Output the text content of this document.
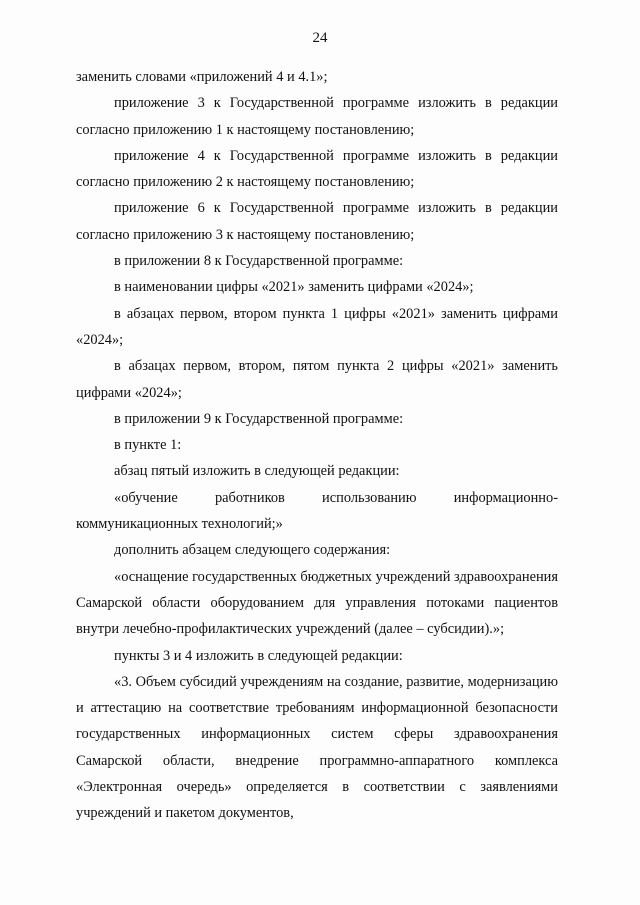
24

заменить словами «приложений 4 и 4.1»;

приложение 3 к Государственной программе изложить в редакции согласно приложению 1 к настоящему постановлению;

приложение 4 к Государственной программе изложить в редакции согласно приложению 2 к настоящему постановлению;

приложение 6 к Государственной программе изложить в редакции согласно приложению 3 к настоящему постановлению;

в приложении 8 к Государственной программе:

в наименовании цифры «2021» заменить цифрами «2024»;

в абзацах первом, втором пункта 1 цифры «2021» заменить цифрами «2024»;

в абзацах первом, втором, пятом пункта 2 цифры «2021» заменить цифрами «2024»;

в приложении 9 к Государственной программе:

в пункте 1:

абзац пятый изложить в следующей редакции:

«обучение работников использованию информационно-коммуникационных технологий;»

дополнить абзацем следующего содержания:

«оснащение государственных бюджетных учреждений здравоохранения Самарской области оборудованием для управления потоками пациентов внутри лечебно-профилактических учреждений (далее – субсидии).»;

пункты 3 и 4 изложить в следующей редакции:

«3. Объем субсидий учреждениям на создание, развитие, модернизацию и аттестацию на соответствие требованиям информационной безопасности государственных информационных систем сферы здравоохранения Самарской области, внедрение программно-аппаратного комплекса «Электронная очередь» определяется в соответствии с заявлениями учреждений и пакетом документов,
